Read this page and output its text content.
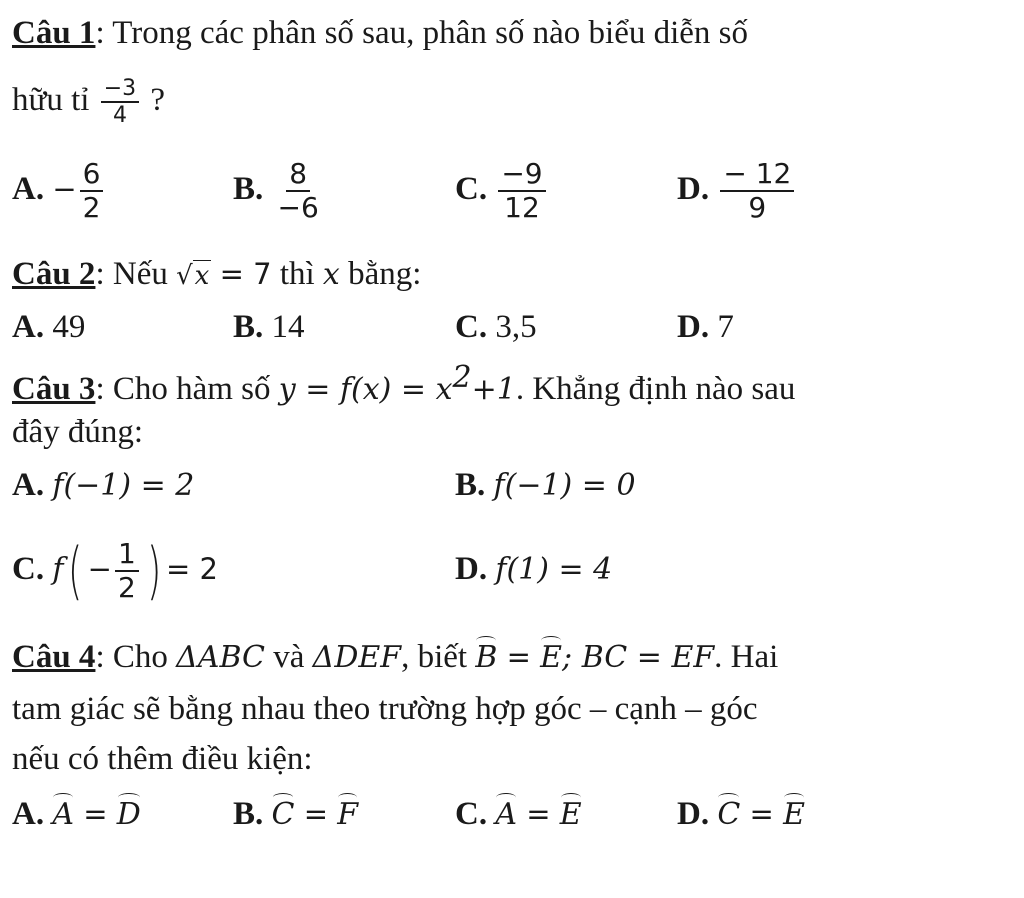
Câu 1: Trong các phân số sau, phân số nào biểu diễn số
hữu tỉ $\frac{-3}{4}$ ?
A. − $\frac{6}{2}$	B. $\frac{8}{-6}$	C. $\frac{-9}{12}$	D. $\frac{- 12}{9}$
Câu 2: Nếu √x = 7 thì x bằng:
A. 49	B. 14	C. 3,5	D. 7
Câu 3: Cho hàm số $y = f(x) = x^2+1$. Khẳng định nào sau
đây đúng:
A. f(−1) = 2	B. f(−1) = 0
C. $f( - \frac{1}{2}$ ) = 2	D. f(1) = 4
Câu 4: Cho ΔABC và ΔDEF, biết B = E; BC = EF. Hai
tam giác sẽ bằng nhau theo trường hợp góc – cạnh – góc
nếu có thêm điều kiện:
A. A = D	B. C = F	C. A = E	D. C = E
